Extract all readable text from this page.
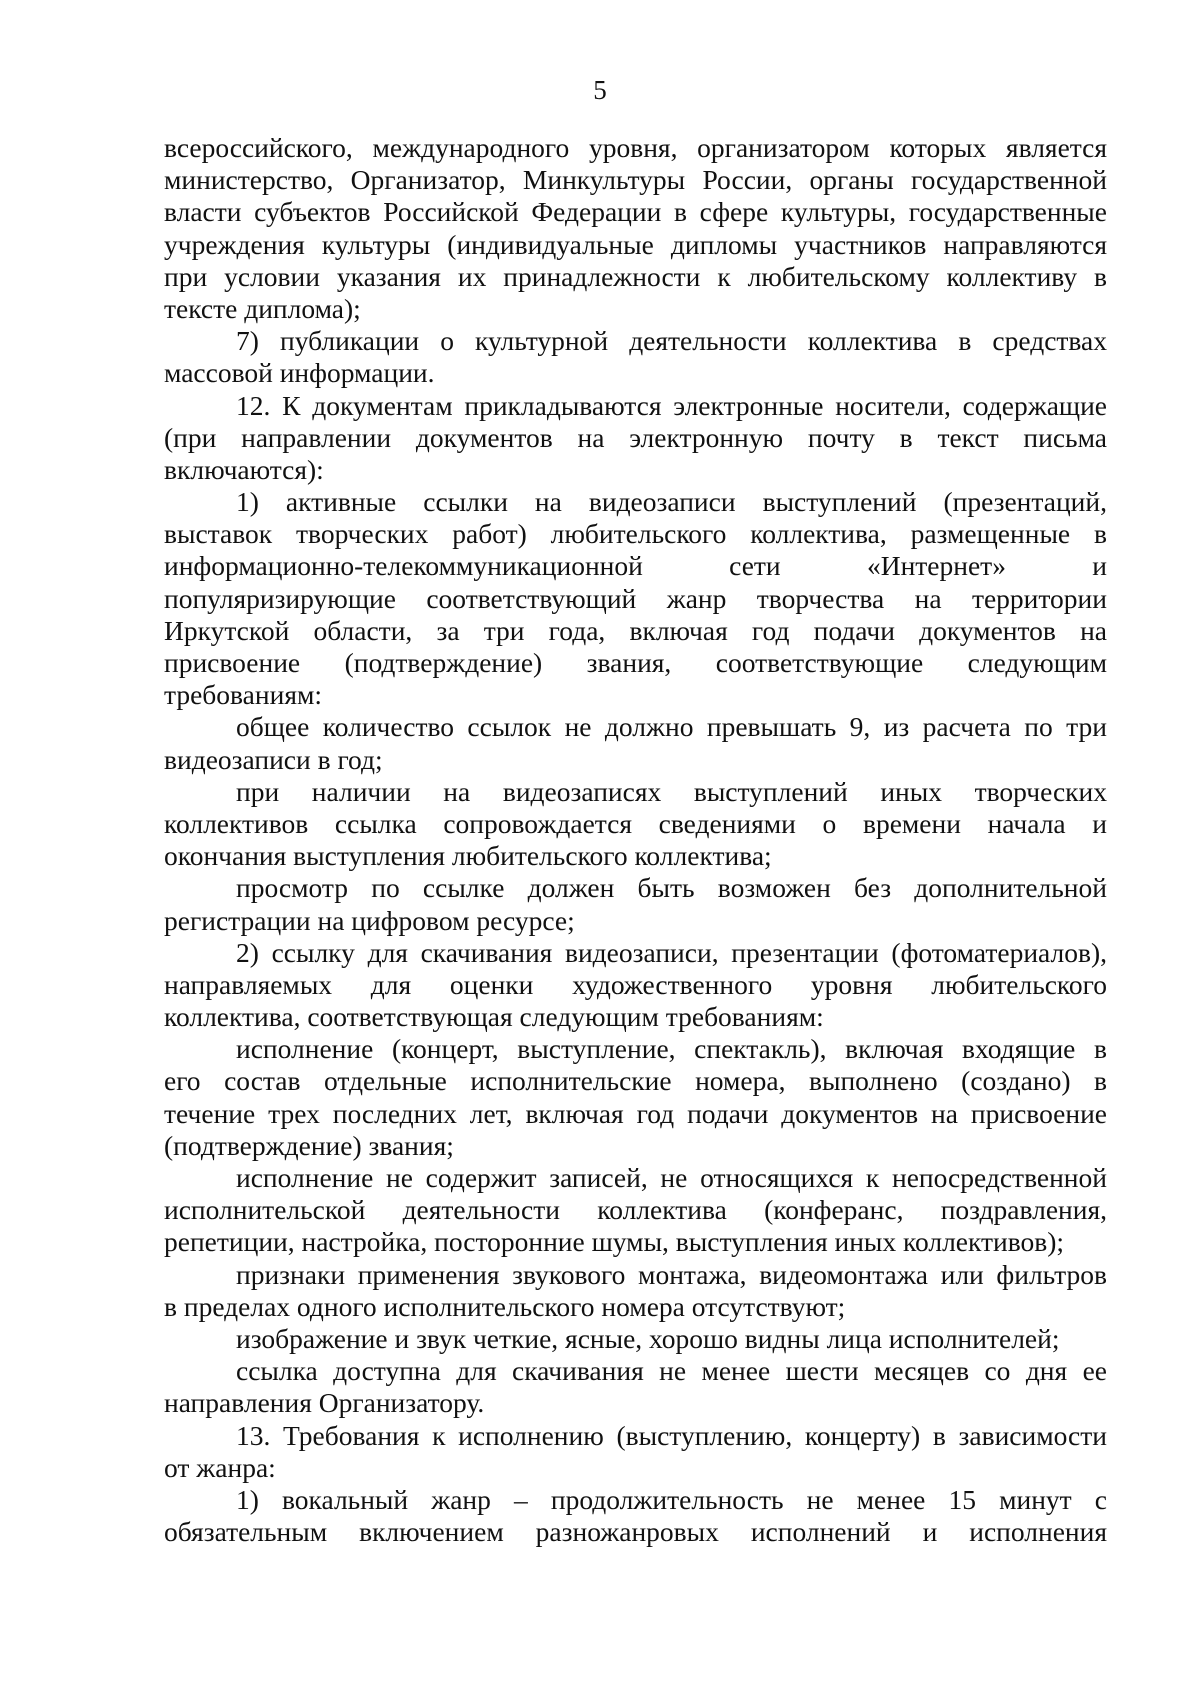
5
всероссийского, международного уровня, организатором которых является
министерство, Организатор, Минкультуры России, органы государственной
власти субъектов Российской Федерации в сфере культуры, государственные
учреждения культуры (индивидуальные дипломы участников направляются
при условии указания их принадлежности к любительскому коллективу в
тексте диплома);
7) публикации о культурной деятельности коллектива в средствах
массовой информации.
12. К документам прикладываются электронные носители, содержащие
(при направлении документов на электронную почту в текст письма
включаются):
1) активные ссылки на видеозаписи выступлений (презентаций,
выставок творческих работ) любительского коллектива, размещенные в
информационно-телекоммуникационной сети «Интернет» и
популяризирующие соответствующий жанр творчества на территории
Иркутской области, за три года, включая год подачи документов на
присвоение (подтверждение) звания, соответствующие следующим
требованиям:
общее количество ссылок не должно превышать 9, из расчета по три
видеозаписи в год;
при наличии на видеозаписях выступлений иных творческих
коллективов ссылка сопровождается сведениями о времени начала и
окончания выступления любительского коллектива;
просмотр по ссылке должен быть возможен без дополнительной
регистрации на цифровом ресурсе;
2) ссылку для скачивания видеозаписи, презентации (фотоматериалов),
направляемых для оценки художественного уровня любительского
коллектива, соответствующая следующим требованиям:
исполнение (концерт, выступление, спектакль), включая входящие в
его состав отдельные исполнительские номера, выполнено (создано) в
течение трех последних лет, включая год подачи документов на присвоение
(подтверждение) звания;
исполнение не содержит записей, не относящихся к непосредственной
исполнительской деятельности коллектива (конферанс, поздравления,
репетиции, настройка, посторонние шумы, выступления иных коллективов);
признаки применения звукового монтажа, видеомонтажа или фильтров
в пределах одного исполнительского номера отсутствуют;
изображение и звук четкие, ясные, хорошо видны лица исполнителей;
ссылка доступна для скачивания не менее шести месяцев со дня ее
направления Организатору.
13. Требования к исполнению (выступлению, концерту) в зависимости
от жанра:
1) вокальный жанр – продолжительность не менее 15 минут с
обязательным включением разножанровых исполнений и исполнения
